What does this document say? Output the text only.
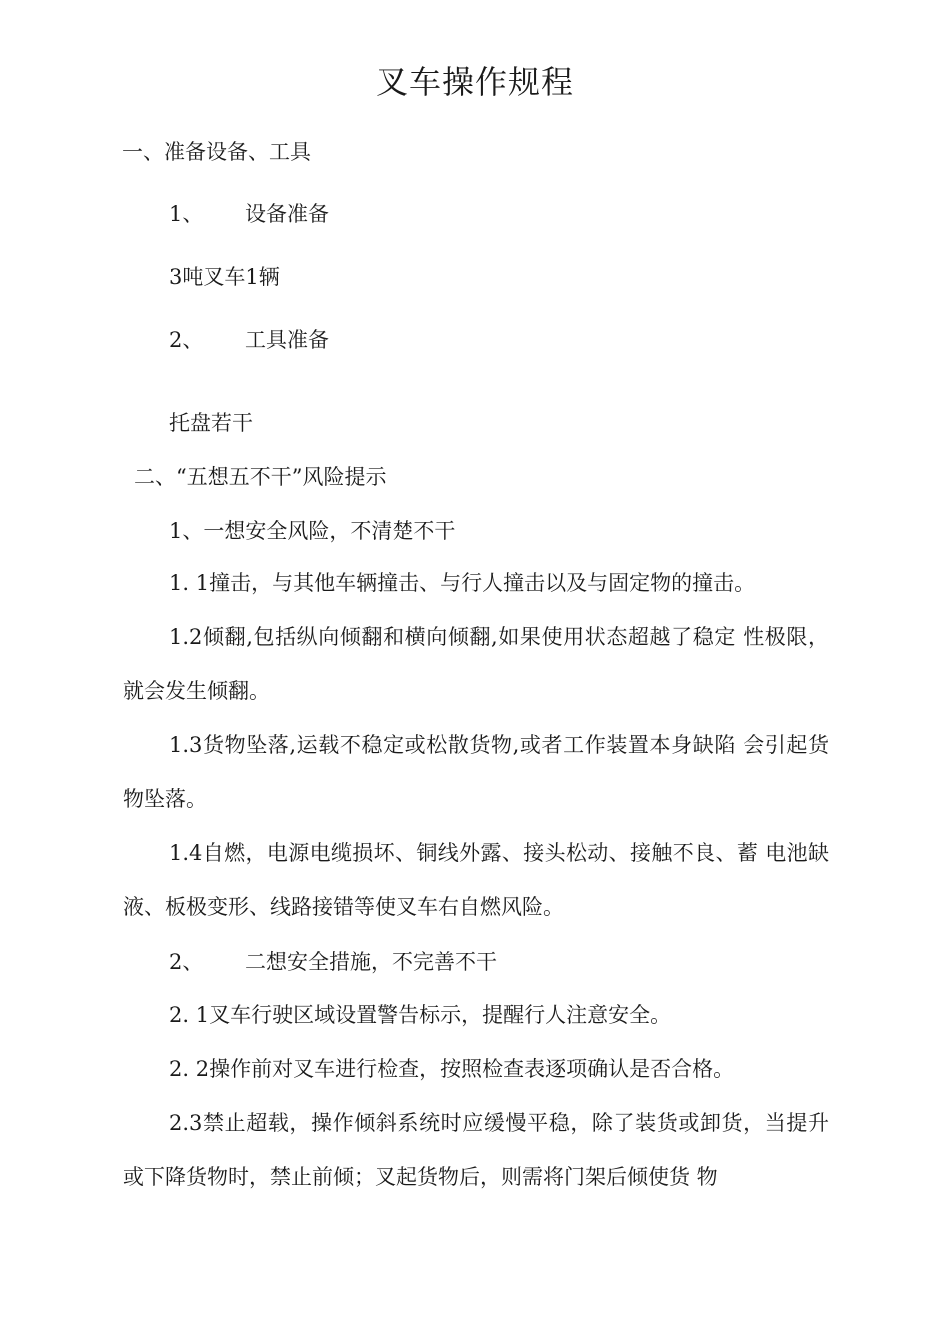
叉车操作规程
一、准备设备、工具
1、 设备准备
3吨叉车1辆
2、 工具准备
托盘若干
二、“五想五不干”风险提示
1、一想安全风险，不清楚不干

1. 1撞击，与其他车辆撞击、与行人撞击以及与固定物的撞击。

1.2倾翻,包括纵向倾翻和横向倾翻,如果使用状态超越了稳定 性极限，就会发生倾翻。

1.3货物坠落,运载不稳定或松散货物,或者工作装置本身缺陷 会引起货物坠落。

1.4自燃，电源电缆损坏、铜线外露、接头松动、接触不良、蓄 电池缺液、板极变形、线路接错等使叉车右自燃风险。

2、 二想安全措施，不完善不干

2. 1叉车行驶区域设置警告标示，提醒行人注意安全。

2. 2操作前对叉车进行检查，按照检查表逐项确认是否合格。

2.3禁止超载，操作倾斜系统时应缓慢平稳，除了装货或卸货，当提升或下降货物时，禁止前倾；叉起货物后，则需将门架后倾使货 物
